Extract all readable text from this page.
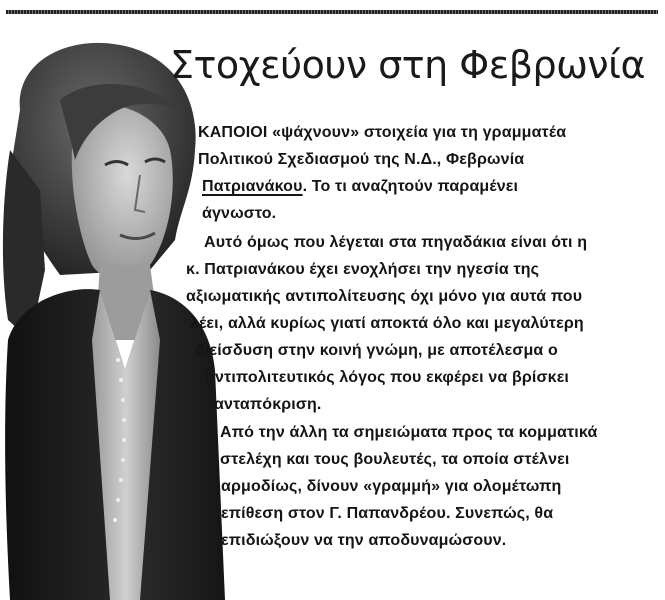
Στοχεύουν στη Φεβρωνία
ΚΑΠΟΙΟΙ «ψάχνουν» στοιχεία για τη γραμματέα
Πολιτικού Σχεδιασμού της Ν.Δ., Φεβρωνία
Πατριανάκου. Το τι αναζητούν παραμένει
άγνωστο.
Αυτό όμως που λέγεται στα πηγαδάκια είναι ότι η
κ. Πατριανάκου έχει ενοχλήσει την ηγεσία της
αξιωματικής αντιπολίτευσης όχι μόνο για αυτά που
λέει, αλλά κυρίως γιατί αποκτά όλο και μεγαλύτερη
διείσδυση στην κοινή γνώμη, με αποτέλεσμα ο
αντιπολιτευτικός λόγος που εκφέρει να βρίσκει
ανταπόκριση.
Από την άλλη τα σημειώματα προς τα κομματικά
στελέχη και τους βουλευτές, τα οποία στέλνει
αρμοδίως, δίνουν «γραμμή» για ολομέτωπη
επίθεση στον Γ. Παπανδρέου. Συνεπώς, θα
επιδιώξουν να την αποδυναμώσουν.
